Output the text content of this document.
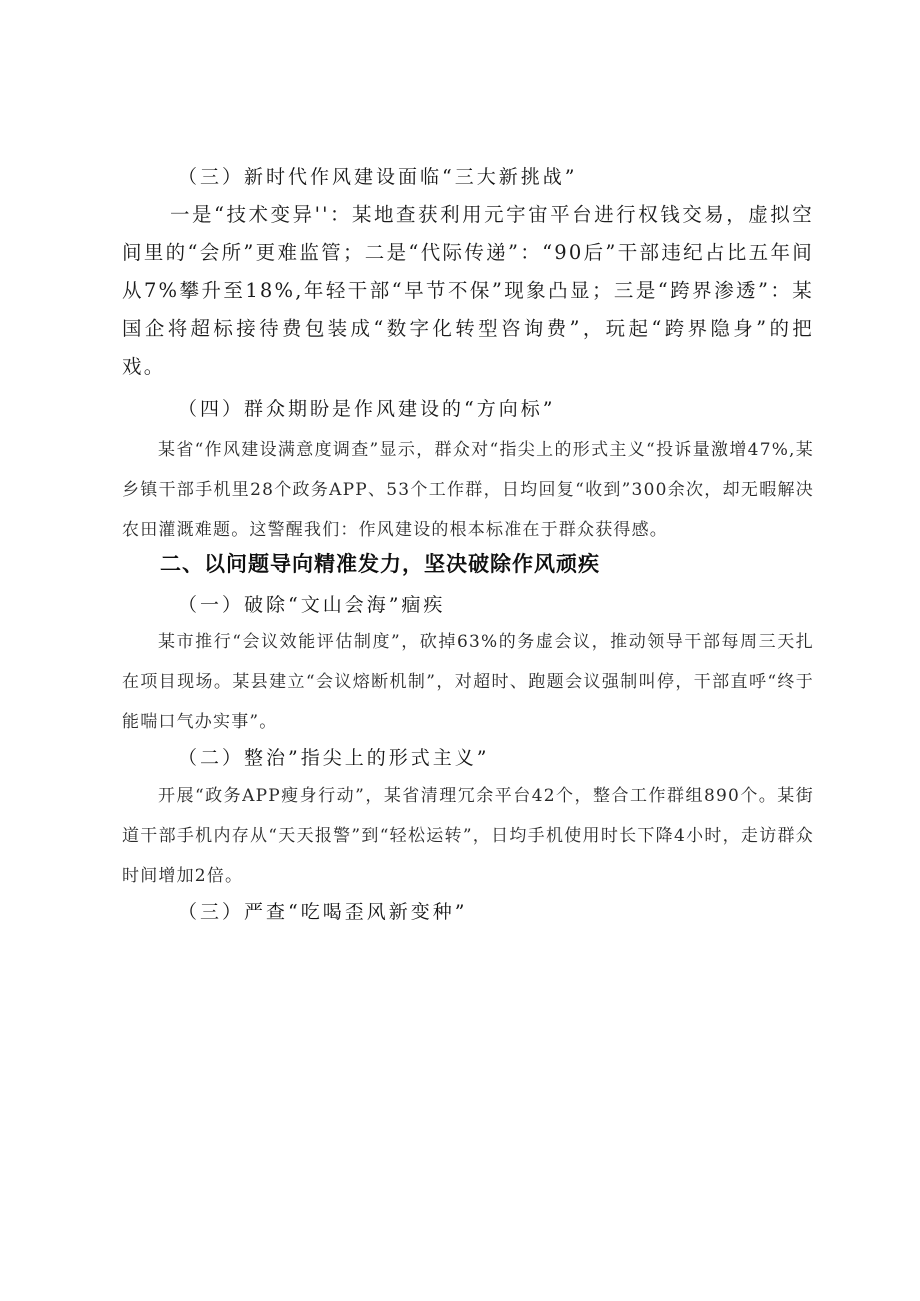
（三）新时代作风建设面临“三大新挑战”

一是“技术变异''：某地查获利用元宇宙平台进行权钱交易，虚拟空间里的“会所”更难监管；二是“代际传递”：“90后”干部违纪占比五年间从7%攀升至18%,年轻干部“早节不保”现象凸显；三是“跨界渗透”：某国企将超标接待费包装成“数字化转型咨询费”，玩起“跨界隐身”的把戏。

（四）群众期盼是作风建设的“方向标”

某省“作风建设满意度调查”显示，群众对“指尖上的形式主义“投诉量激增47%,某乡镇干部手机里28个政务APP、53个工作群，日均回复“收到”300余次，却无暇解决农田灌溉难题。这警醒我们：作风建设的根本标准在于群众获得感。

二、以问题导向精准发力，坚决破除作风顽疾

（一）破除“文山会海”痼疾

某市推行“会议效能评估制度”，砍掉63%的务虚会议，推动领导干部每周三天扎在项目现场。某县建立“会议熔断机制”，对超时、跑题会议强制叫停，干部直呼“终于能喘口气办实事”。

（二）整治”指尖上的形式主义”

开展“政务APP瘦身行动”，某省清理冗余平台42个，整合工作群组890个。某街道干部手机内存从“天天报警”到“轻松运转”，日均手机使用时长下降4小时，走访群众时间增加2倍。

（三）严查“吃喝歪风新变种”
